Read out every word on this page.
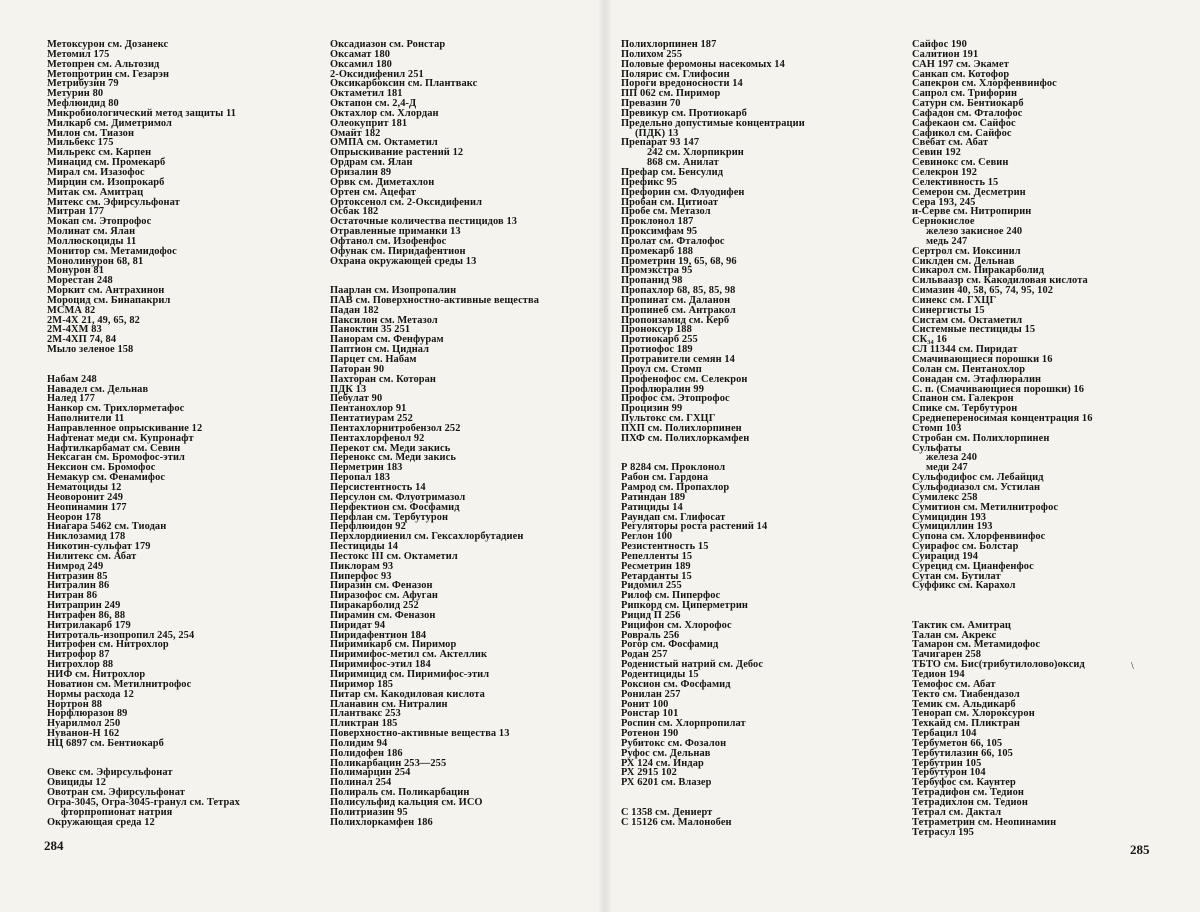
Метоксурон см. Дозанекс
Метомил 175
Метопрен см. Альтозид
Метопротрин см. Гезарэн
Метрибузин 79
Метурин 80
Мефлюидид 80
Микробиологический метод защиты 11
Милкарб см. Диметримол
Милон см. Тиазон
Мильбекс 175
Мильрекс см. Карпен
Минацид см. Промекарб
Мирал см. Изазофос
Мирцин см. Изопрокарб
Митак см. Амитрац
Митекс см. Эфирсульфонат
Митран 177
Мокап см. Этопрофос
Молинат см. Ялан
Моллюскоциды 11
Монитор см. Метамидофос
Монолинурон 68, 81
Монурон 81
Морестан 248
Моркит см. Антрахинон
Мороцид см. Бинапакрил
МСМА 82
2М-4Х 21, 49, 65, 82
2М-4ХМ 83
2М-4ХП 74, 84
Мыло зеленое 158
Набам 248
Навадел см. Дельнав
Налед 177
Нанкор см. Трихлорметафос
Наполнители 11
Направленное опрыскивание 12
Нафтенат меди см. Купронафт
Нафтилкарбамат см. Севин
Нексаган см. Бромофос-этил
Нексион см. Бромофос
Немакур см. Фенамифос
Нематоциды 12
Неоворонит 249
Неопинамин 177
Неорон 178
Ниагара 5462 см. Тиодан
Никлозамид 178
Никотин-сульфат 179
Нилитекс см. Абат
Нимрод 249
Нитразин 85
Нитралин 86
Нитран 86
Нитраприн 249
Нитрафен 86, 88
Нитрилакарб 179
Нитроталь-изопропил 245, 254
Нитрофен см. Нитрохлор
Нитрофор 87
Нитрохлор 88
НИФ см. Нитрохлор
Новатион см. Метилнитрофос
Нормы расхода 12
Нортрон 88
Норфлюразон 89
Нуарилмол 250
Нуванон-Н 162
НЦ 6897 см. Бентиокарб
Овекс см. Эфирсульфонат
Овициды 12
Овотран см. Эфирсульфонат
Огра-3045, Огра-3045-гранул см. Тетрах
фторпропионат натрия
Окружающая среда 12
Оксадиазон см. Ронстар
Оксамат 180
Оксамил 180
2-Оксидифенил 251
Оксикарбоксин см. Плантвакс
Октаметил 181
Октапон см. 2,4-Д
Октахлор см. Хлордан
Олеокуприт 181
Омайт 182
ОМПА см. Октаметил
Опрыскивание растений 12
Ордрам см. Ялан
Оризалин 89
Орвк см. Диметахлон
Ортен см. Ацефат
Ортоксенол см. 2-Оксидифенил
Осбак 182
Остаточные количества пестицидов 13
Отравленные приманки 13
Офтанол см. Изофенфос
Офунак см. Пиридафентион
Охрана окружающей среды 13
Паарлан см. Изопропалин
ПАВ см. Поверхностно-активные вещества
Падан 182
Паксилон см. Метазол
Паноктин 35 251
Панорам см. Фенфурам
Паптион см. Циднал
Парцет см. Набам
Паторан 90
Пахторан см. Которан
ПДК 13
Пебулат 90
Пентанохлор 91
Пентатиурам 252
Пентахлорнитробензол 252
Пентахлорфенол 92
Перекот см. Меди закись
Перенокс см. Меди закись
Перметрин 183
Перопал 183
Персистентность 14
Персулон см. Флуотримазол
Перфектион см. Фосфамид
Перфлан см. Тербутурон
Перфлюидон 92
Перхлордииенил см. Гексахлорбутадиен
Пестициды 14
Пестокс III см. Октаметил
Пиклорам 93
Пиперфос 93
Пиразин см. Феназон
Пиразофос см. Афуган
Пиракарболид 252
Пирамин см. Феназон
Пиридат 94
Пиридафентион 184
Пиримикарб см. Пиримор
Пиримифос-метил см. Актеллик
Пиримифос-этил 184
Пиримицид см. Пиримифос-этил
Пиримор 185
Питар см. Какодиловая кислота
Планавин см. Нитралин
Плантвакс 253
Пликтран 185
Поверхностно-активные вещества 13
Полидим 94
Полидофен 186
Поликарбацин 253—255
Полимарцин 254
Полинал 254
Полираль см. Поликарбацин
Полисульфид кальция см. ИСО
Политриазин 95
Полихлоркамфен 186
Полихлорпинен 187
Полихом 255
Половые феромоны насекомых 14
Полярис см. Глифосин
Пороги вредоносности 14
ПП 062 см. Пиримор
Превазин 70
Превикур см. Протиокарб
Предельно допустимые концентрации
(ПДК) 13
Препарат 93 147
242 см. Хлорпикрин
868 см. Анилат
Префар см. Бенсулид
Префикс 95
Префорин см. Флуодифен
Пробан см. Цитиоат
Пробе см. Метазол
Проклонол 187
Проксимфам 95
Пролат см. Фталофос
Промекарб 188
Прометрин 19, 65, 68, 96
Промэкстра 95
Пропанид 98
Пропахлор 68, 85, 85, 98
Пропинат см. Даланон
Пропинеб см. Антракол
Пропоизамид см. Керб
Проноксур 188
Протиокарб 255
Протиофос 189
Протравители семян 14
Проул см. Стомп
Профенофос см. Селекрон
Профлюралин 99
Профос см. Этопрофос
Процизин 99
Пультокс см. ГХЦГ
ПХП см. Полихлорпинен
ПХФ см. Полихлоркамфен
Р 8284 см. Проклонол
Рабон см. Гардона
Рамрод см. Пропахлор
Ратиндан 189
Ратициды 14
Раундап см. Глифосат
Регуляторы роста растений 14
Реглон 100
Резистентность 15
Репелленты 15
Ресметрин 189
Ретарданты 15
Ридомил 255
Рилоф см. Пиперфос
Рипкорд см. Циперметрин
Рицид П 256
Рицифон см. Хлорофос
Ровраль 256
Рогор см. Фосфамид
Родан 257
Роденистый натрий см. Дебос
Родентициды 15
Роксион см. Фосфамид
Ронилан 257
Ронит 100
Ронстар 101
Роспин см. Хлорпропилат
Ротенон 190
Рубитокс см. Фозалон
Руфос см. Дельнав
РХ 124 см. Индар
РХ 2915 102
РХ 6201 см. Влазер
С 1358 см. Дениерт
С 15126 см. Малонобен
Сайфос 190
Салитион 191
САН 197 см. Экамет
Санкап см. Котофор
Сапекрон см. Хлорфенвинфос
Сапрол см. Трифорин
Сатурн см. Бентиокарб
Сафадон см. Фталофос
Сафекаон см. Сайфос
Сафикол см. Сайфос
Свебат см. Абат
Севин 192
Севинокс см. Севин
Селекрон 192
Селективность 15
Семерон см. Десметрин
Сера 193, 245
и-Серве см. Нитропирин
Сернокислое
железо закисное 240
медь 247
Сертрол см. Иоксинил
Сиклден см. Дельнав
Сикарол см. Пиракарболид
Сильваазр см. Какодиловая кислота
Симазин 40, 58, 65, 74, 95, 102
Синекс см. ГХЦГ
Синергисты 15
Систам см. Октаметил
Системные пестициды 15
СК₃₄ 16
СЛ 11344 см. Пиридат
Смачивающиеся порошки 16
Солан см. Пентанохлор
Сонадан см. Этафлюралин
С. п. (Смачивающиеся порошки) 16
Спанон см. Галекрон
Спике см. Тербутурон
Среднепереносимая концентрация 16
Стомп 103
Стробан см. Полихлорпинен
Сульфаты
железа 240
меди 247
Сульфодифос см. Лебайцид
Сульфодиазол см. Устилан
Сумилекс 258
Сумитион см. Метилнитрофос
Сумицидин 193
Сумициллин 193
Супона см. Хлорфенвинфос
Суирафос см. Болстар
Суирацид 194
Сурецид см. Цианфенфос
Сутан см. Бутилат
Суффикс см. Карахол
Тактик см. Амитрац
Талан см. Акрекс
Тамарон см. Метамидофос
Тачигарен 258
ТБТО см. Бис(трибутилолово)оксид
Тедион 194
Темофос см. Абат
Текто см. Тиабендазол
Темик см. Альдикарб
Тенорап см. Хлороксурон
Техкайд см. Пликтран
Тербацил 104
Тербуметон 66, 105
Тербутилазин 66, 105
Тербутрин 105
Тербутурон 104
Тербуфос см. Каунтер
Тетрадифон см. Тедион
Тетрадихлон см. Тедион
Тетрал см. Дактал
Тетраметрин см. Неопинамин
Тетрасул 195
\
284	285
